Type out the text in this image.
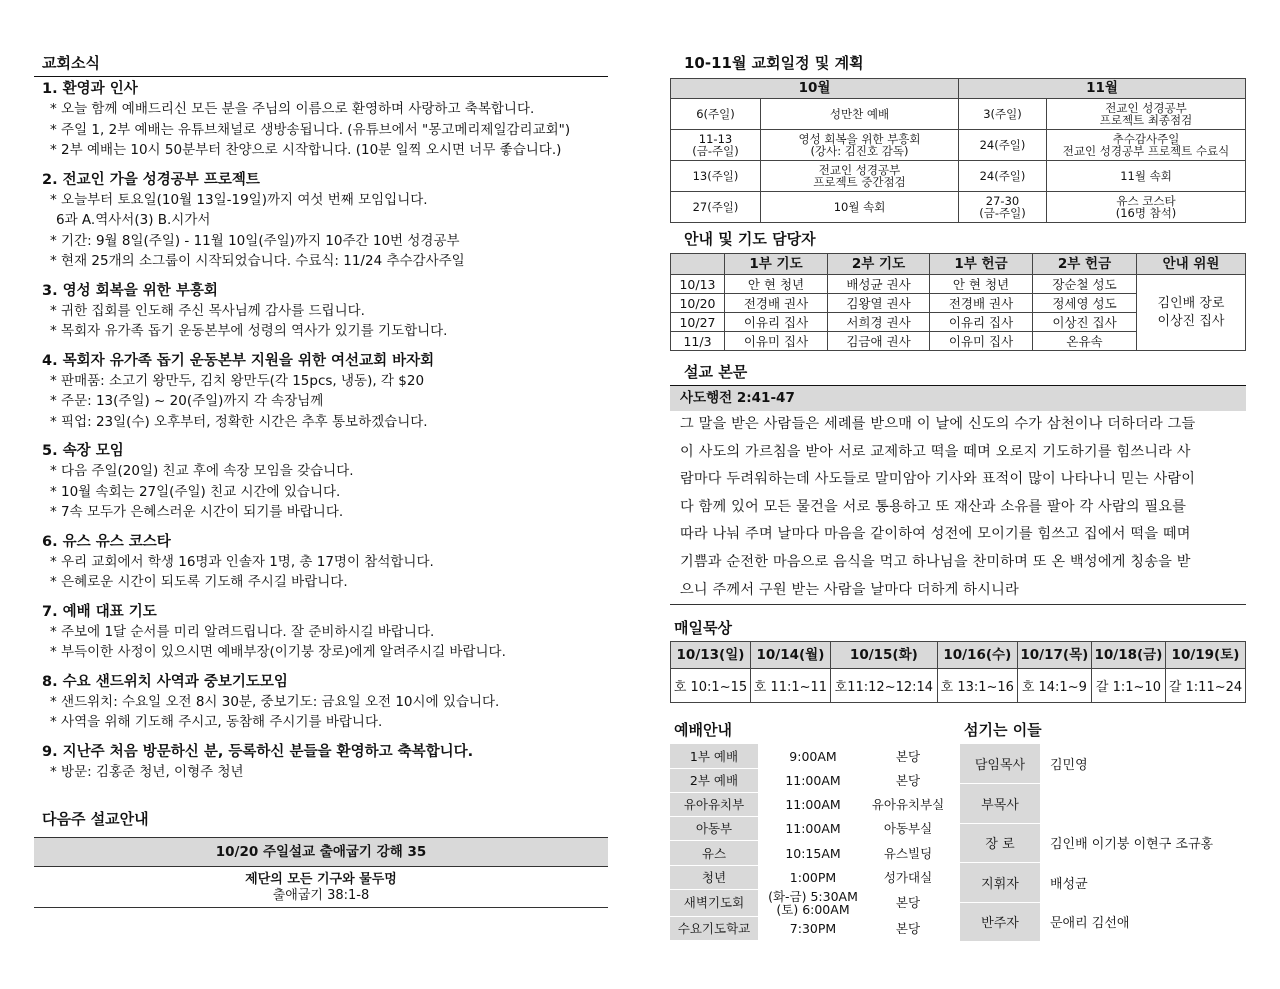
교회소식
1. 환영과 인사
* 오늘 함께 예배드리신 모든 분을 주님의 이름으로 환영하며 사랑하고 축복합니다.
* 주일 1, 2부 예배는 유튜브채널로 생방송됩니다. (유튜브에서 "몽고메리제일감리교회")
* 2부 예배는 10시 50분부터 찬양으로 시작합니다. (10분 일찍 오시면 너무 좋습니다.)
2. 전교인 가을 성경공부 프로젝트
* 오늘부터 토요일(10월 13일-19일)까지 여섯 번째 모임입니다.
6과 A.역사서(3) B.시가서
* 기간: 9월 8일(주일) - 11월 10일(주일)까지 10주간 10번 성경공부
* 현재 25개의 소그룹이 시작되었습니다. 수료식: 11/24 추수감사주일
3. 영성 회복을 위한 부흥회
* 귀한 집회를 인도해 주신 목사님께 감사를 드립니다.
* 목회자 유가족 돕기 운동본부에 성령의 역사가 있기를 기도합니다.
4. 목회자 유가족 돕기 운동본부 지원을 위한 여선교회 바자회
* 판매품: 소고기 왕만두, 김치 왕만두(각 15pcs, 냉동), 각 $20
* 주문: 13(주일) ~ 20(주일)까지 각 속장님께
* 픽업: 23일(수) 오후부터, 정확한 시간은 추후 통보하겠습니다.
5. 속장 모임
* 다음 주일(20일) 친교 후에 속장 모임을 갖습니다.
* 10월 속회는 27일(주일) 친교 시간에 있습니다.
* 7속 모두가 은혜스러운 시간이 되기를 바랍니다.
6. 유스 유스 코스타
* 우리 교회에서 학생 16명과 인솔자 1명, 총 17명이 참석합니다.
* 은혜로운 시간이 되도록 기도해 주시길 바랍니다.
7. 예배 대표 기도
* 주보에 1달 순서를 미리 알려드립니다. 잘 준비하시길 바랍니다.
* 부득이한 사정이 있으시면 예배부장(이기붕 장로)에게 알려주시길 바랍니다.
8. 수요 샌드위치 사역과 중보기도모임
* 샌드위치: 수요일 오전 8시 30분, 중보기도: 금요일 오전 10시에 있습니다.
* 사역을 위해 기도해 주시고, 동참해 주시기를 바랍니다.
9. 지난주 처음 방문하신 분, 등록하신 분들을 환영하고 축복합니다.
* 방문: 김홍준 청년, 이형주 청년
다음주 설교안내
10/20 주일설교 출애굽기 강해 35
제단의 모든 기구와 물두멍
출애굽기 38:1-8
10-11월 교회일정 및 계획
10월		11월	
6(주일)	성만찬 예배	3(주일)	전교인 성경공부
프로젝트 최종점검
11-13
(금-주일)	영성 회복을 위한 부흥회
(강사: 김진호 감독)	24(주일)	추수감사주일
전교인 성경공부 프로젝트 수료식
13(주일)	전교인 성경공부
프로젝트 중간점검	24(주일)	11월 속회
27(주일)	10월 속회	27-30
(금-주일)	유스 코스타
(16명 참석)
안내 및 기도 담당자
	1부 기도	2부 기도	1부 헌금	2부 헌금	안내 위원
10/13	안 현 청년	배성균 권사	안 현 청년	장순철 성도	김인배 장로
이상진 집사
10/20	전경배 권사	김왕열 권사	전경배 권사	정세영 성도	
10/27	이유리 집사	서희경 권사	이유리 집사	이상진 집사	
11/3	이유미 집사	김금애 권사	이유미 집사	온유속	
설교 본문
사도행전 2:41-47
그 말을 받은 사람들은 세례를 받으매 이 날에 신도의 수가 삼천이나 더하더라 그들
이 사도의 가르침을 받아 서로 교제하고 떡을 떼며 오로지 기도하기를 힘쓰니라 사
람마다 두려워하는데 사도들로 말미암아 기사와 표적이 많이 나타나니 믿는 사람이
다 함께 있어 모든 물건을 서로 통용하고 또 재산과 소유를 팔아 각 사람의 필요를
따라 나눠 주며 날마다 마음을 같이하여 성전에 모이기를 힘쓰고 집에서 떡을 떼며
기쁨과 순전한 마음으로 음식을 먹고 하나님을 찬미하며 또 온 백성에게 칭송을 받
으니 주께서 구원 받는 사람을 날마다 더하게 하시니라
매일묵상
10/13(일)	10/14(월)	10/15(화)	10/16(수)	10/17(목)	10/18(금)	10/19(토)
호 10:1~15	호 11:1~11	호11:12~12:14	호 13:1~16	호 14:1~9	갈 1:1~10	갈 1:11~24
예배안내
1부 예배	9:00AM	본당
2부 예배	11:00AM	본당
유아유치부	11:00AM	유아유치부실
아동부	11:00AM	아동부실
유스	10:15AM	유스빌딩
청년	1:00PM	성가대실
새벽기도회	(화-금) 5:30AM
(토) 6:00AM	본당
수요기도학교	7:30PM	본당
섬기는 이들
담임목사	김민영
부목사	
장 로	김인배 이기붕 이현구 조규홍
지휘자	배성균
반주자	문애리 김선애
